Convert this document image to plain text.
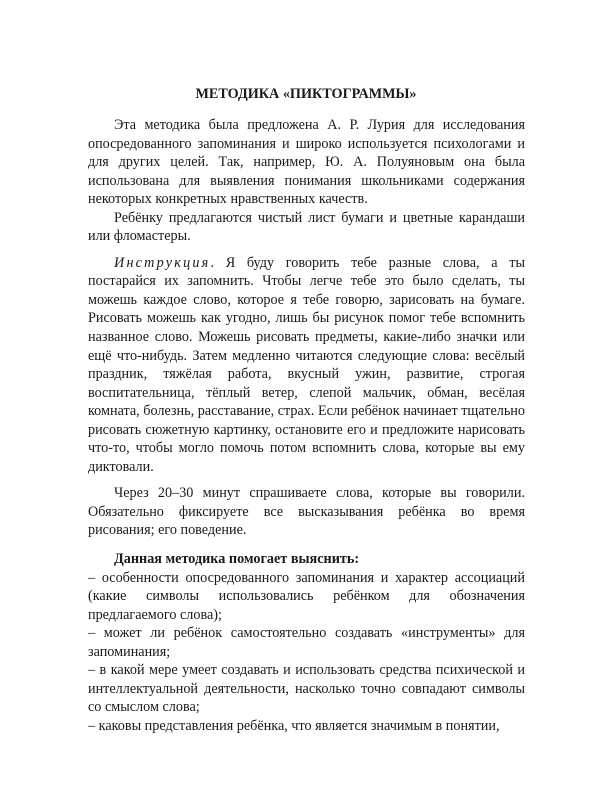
МЕТОДИКА «ПИКТОГРАММЫ»

Эта методика была предложена А. Р. Лурия для исследования опосредованного запоминания и широко используется психологами и для других целей. Так, например, Ю. А. Полуяновым она была использована для выявления понимания школьниками содержания некоторых конкретных нравственных качеств.

Ребёнку предлагаются чистый лист бумаги и цветные карандаши или фломастеры.

Инструкция. Я буду говорить тебе разные слова, а ты постарайся их запомнить. Чтобы легче тебе это было сделать, ты можешь каждое слово, которое я тебе говорю, зарисовать на бумаге. Рисовать можешь как угодно, лишь бы рисунок помог тебе вспомнить названное слово. Можешь рисовать предметы, какие-либо значки или ещё что-нибудь. Затем медленно читаются следующие слова: весёлый праздник, тяжёлая работа, вкусный ужин, развитие, строгая воспитательница, тёплый ветер, слепой мальчик, обман, весёлая комната, болезнь, расставание, страх. Если ребёнок начинает тщательно рисовать сюжетную картинку, остановите его и предложите нарисовать что-то, чтобы могло помочь потом вспомнить слова, которые вы ему диктовали.

Через 20–30 минут спрашиваете слова, которые вы говорили. Обязательно фиксируете все высказывания ребёнка во время рисования; его поведение.

Данная методика помогает выяснить:

– особенности опосредованного запоминания и характер ассоциаций (какие символы использовались ребёнком для обозначения предлагаемого слова);

– может ли ребёнок самостоятельно создавать «инструменты» для запоминания;

– в какой мере умеет создавать и использовать средства психической и интеллектуальной деятельности, насколько точно совпадают символы со смыслом слова;

– каковы представления ребёнка, что является значимым в понятии,
